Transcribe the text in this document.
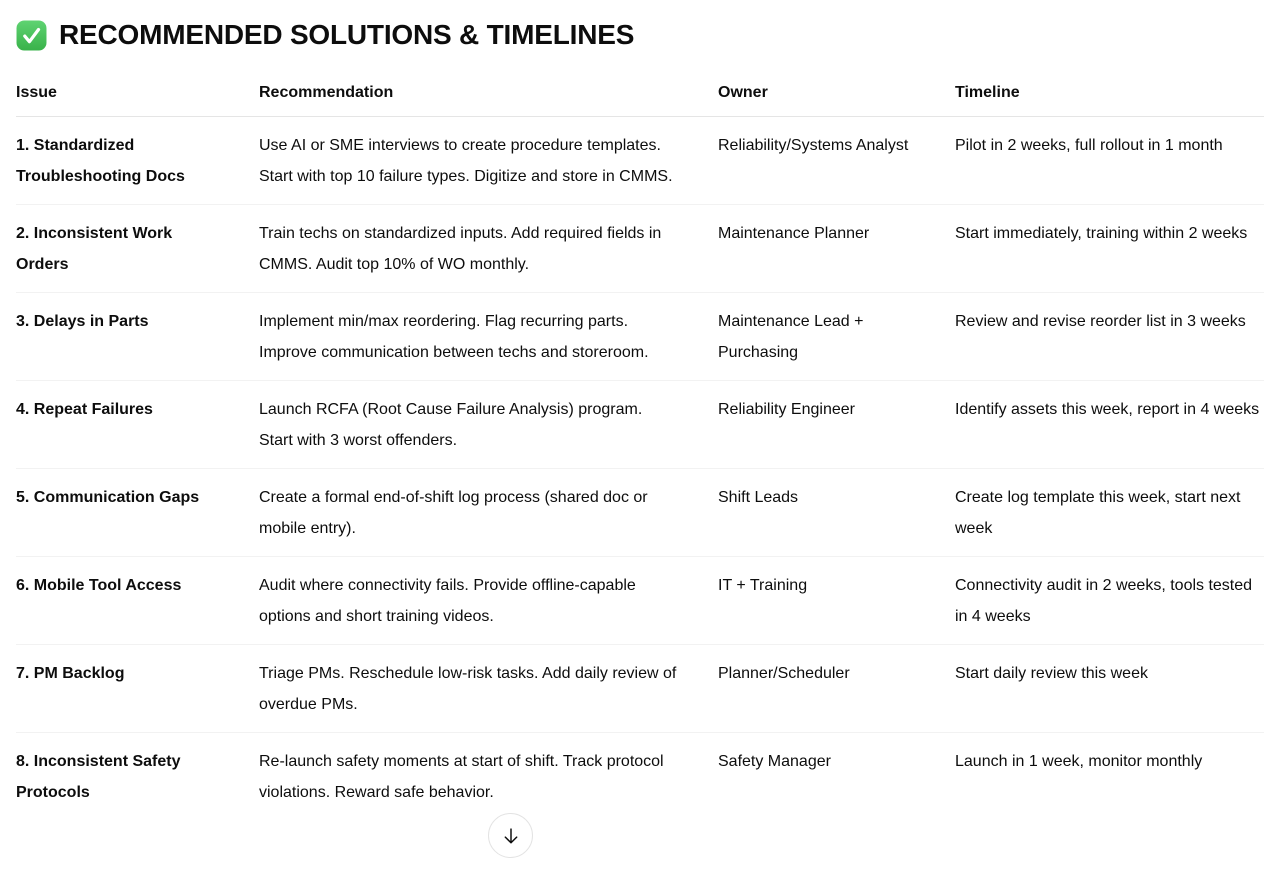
RECOMMENDED SOLUTIONS & TIMELINES
Issue	Recommendation	Owner	Timeline
1. Standardized Troubleshooting Docs	Use AI or SME interviews to create procedure templates. Start with top 10 failure types. Digitize and store in CMMS.	Reliability/Systems Analyst	Pilot in 2 weeks, full rollout in 1 month
2. Inconsistent Work Orders	Train techs on standardized inputs. Add required fields in CMMS. Audit top 10% of WO monthly.	Maintenance Planner	Start immediately, training within 2 weeks
3. Delays in Parts	Implement min/max reordering. Flag recurring parts. Improve communication between techs and storeroom.	Maintenance Lead + Purchasing	Review and revise reorder list in 3 weeks
4. Repeat Failures	Launch RCFA (Root Cause Failure Analysis) program. Start with 3 worst offenders.	Reliability Engineer	Identify assets this week, report in 4 weeks
5. Communication Gaps	Create a formal end-of-shift log process (shared doc or mobile entry).	Shift Leads	Create log template this week, start next week
6. Mobile Tool Access	Audit where connectivity fails. Provide offline-capable options and short training videos.	IT + Training	Connectivity audit in 2 weeks, tools tested in 4 weeks
7. PM Backlog	Triage PMs. Reschedule low-risk tasks. Add daily review of overdue PMs.	Planner/Scheduler	Start daily review this week
8. Inconsistent Safety Protocols	Re-launch safety moments at start of shift. Track protocol violations. Reward safe behavior.	Safety Manager	Launch in 1 week, monitor monthly
